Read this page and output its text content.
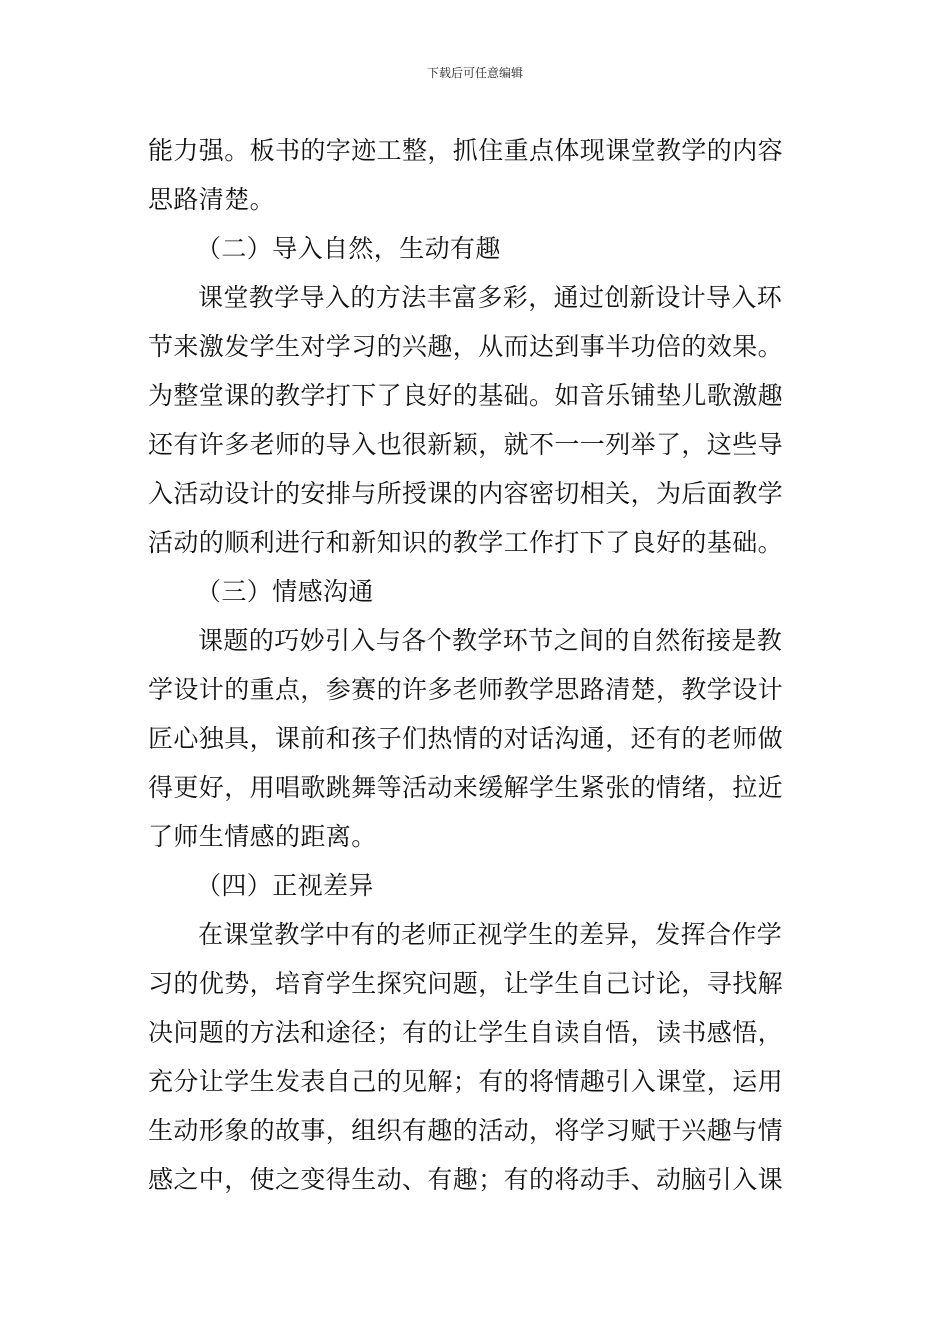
下载后可任意编辑
能力强。板书的字迹工整，抓住重点体现课堂教学的内容
思路清楚。
（二）导入自然，生动有趣
课堂教学导入的方法丰富多彩，通过创新设计导入环
节来激发学生对学习的兴趣，从而达到事半功倍的效果。
为整堂课的教学打下了良好的基础。如音乐铺垫儿歌激趣
还有许多老师的导入也很新颖，就不一一列举了，这些导
入活动设计的安排与所授课的内容密切相关，为后面教学
活动的顺利进行和新知识的教学工作打下了良好的基础。
（三）情感沟通
课题的巧妙引入与各个教学环节之间的自然衔接是教
学设计的重点，参赛的许多老师教学思路清楚，教学设计
匠心独具，课前和孩子们热情的对话沟通，还有的老师做
得更好，用唱歌跳舞等活动来缓解学生紧张的情绪，拉近
了师生情感的距离。
（四）正视差异
在课堂教学中有的老师正视学生的差异，发挥合作学
习的优势，培育学生探究问题，让学生自己讨论，寻找解
决问题的方法和途径；有的让学生自读自悟，读书感悟，
充分让学生发表自己的见解；有的将情趣引入课堂，运用
生动形象的故事，组织有趣的活动，将学习赋于兴趣与情
感之中，使之变得生动、有趣；有的将动手、动脑引入课
